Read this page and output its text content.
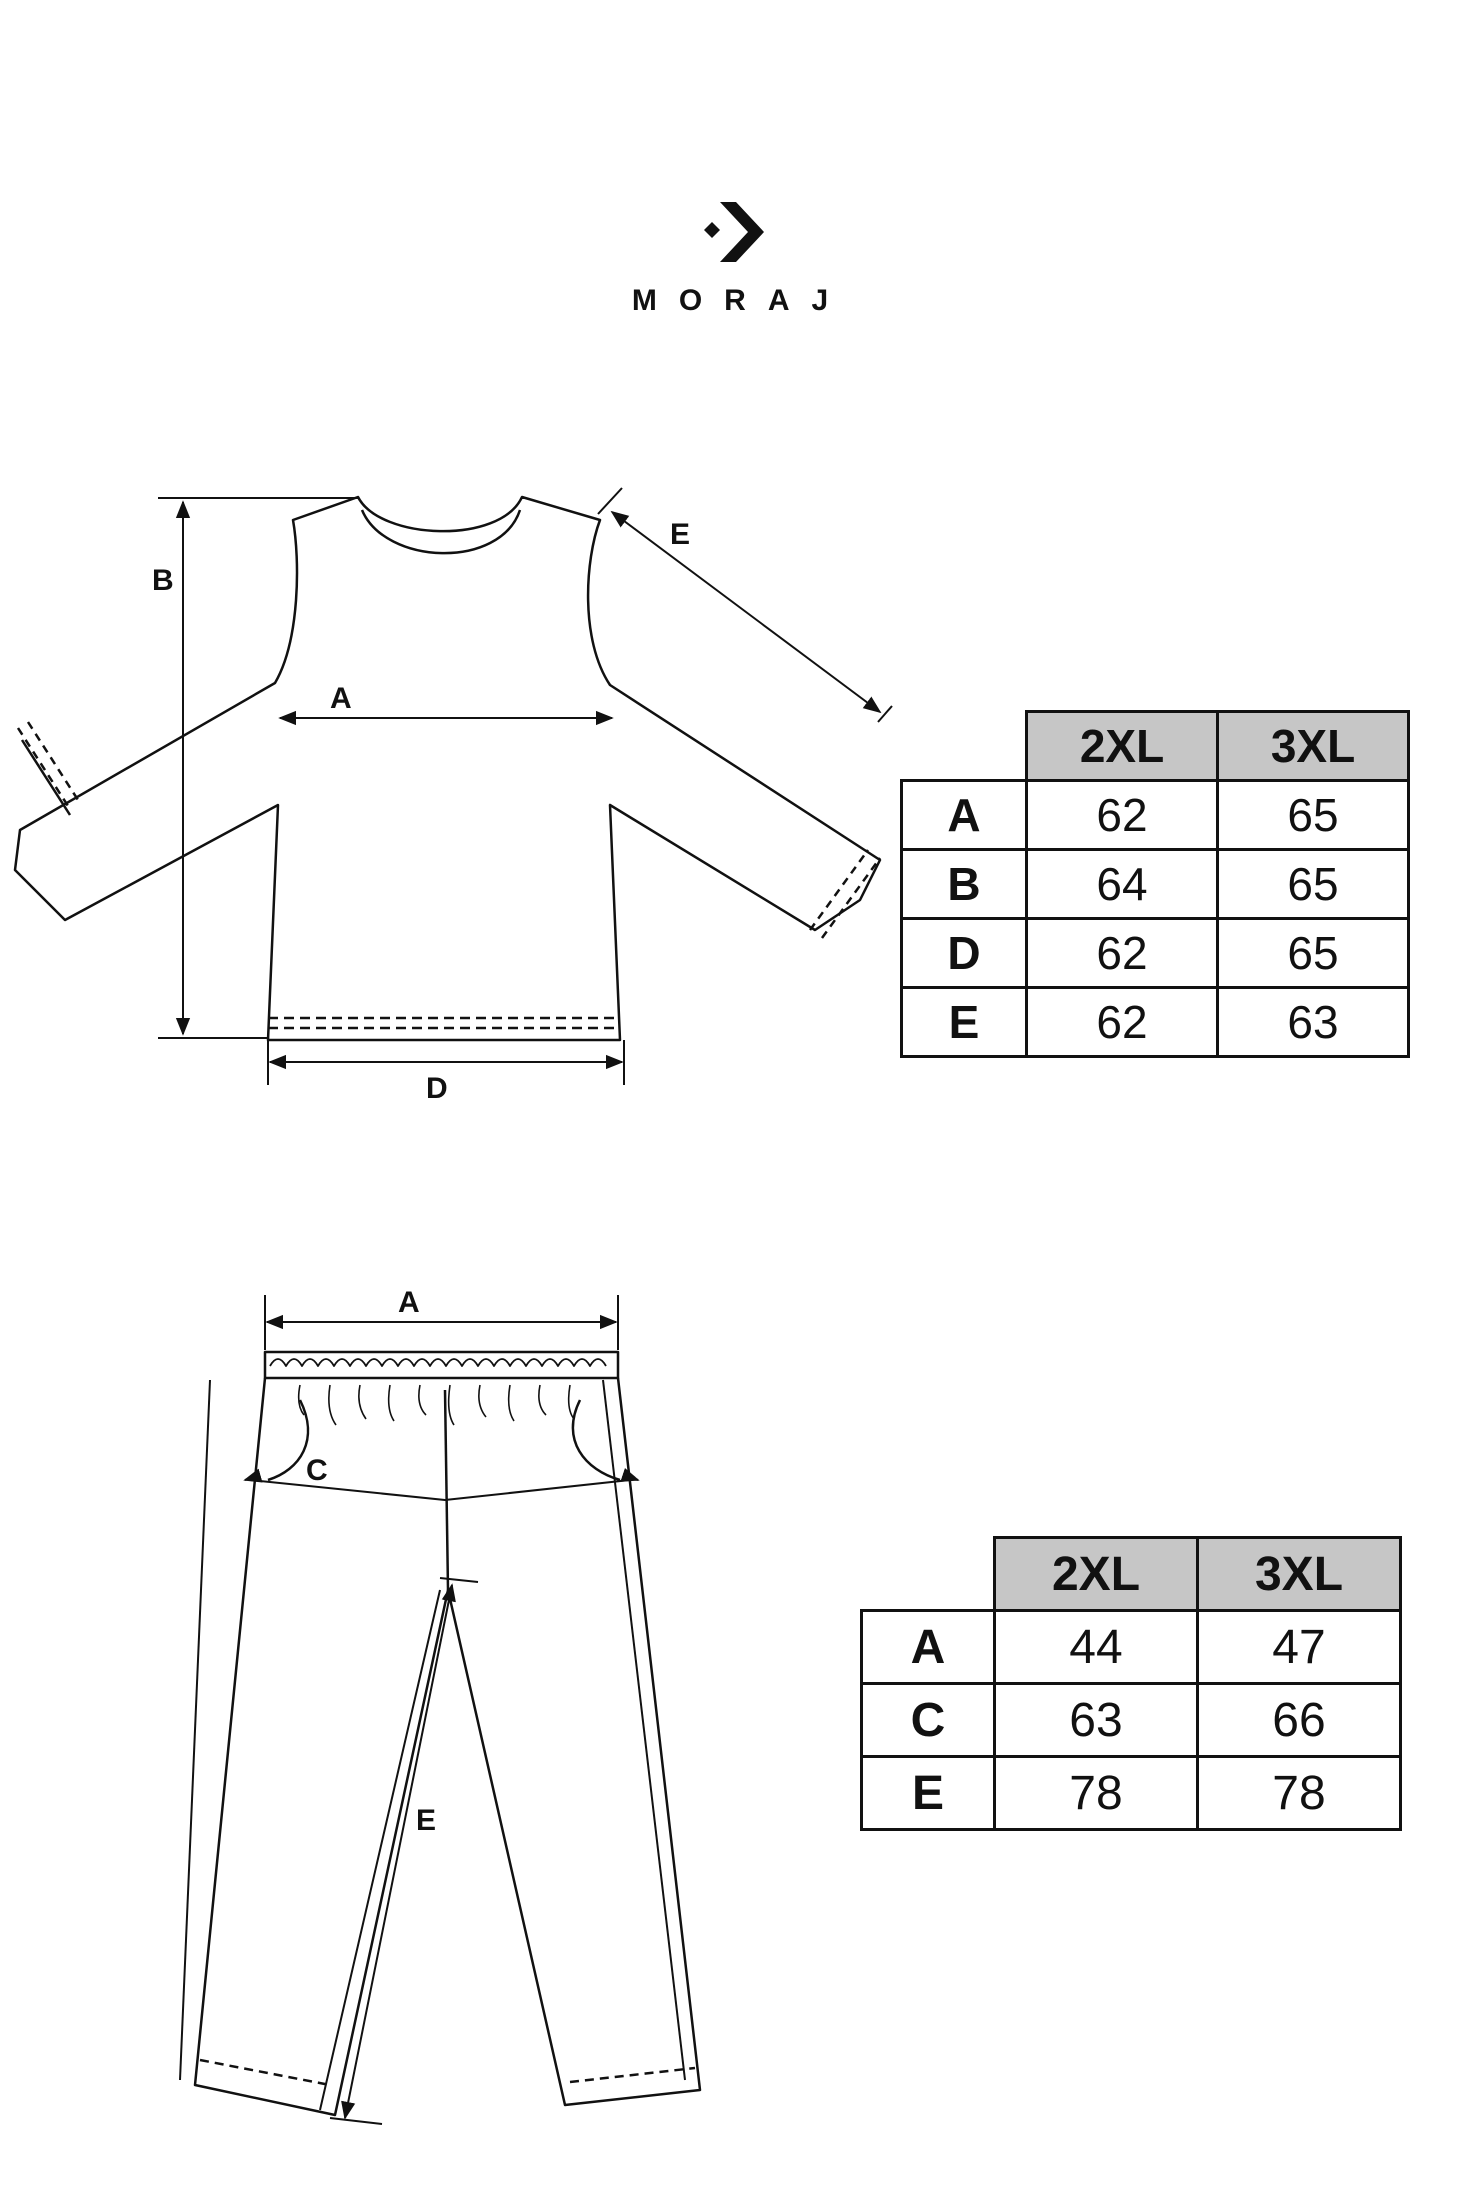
MORAJ
B
A
D
E
A
C
E
	2XL	3XL
A	62	65
B	64	65
D	62	65
E	62	63
	2XL	3XL
A	44	47
C	63	66
E	78	78
